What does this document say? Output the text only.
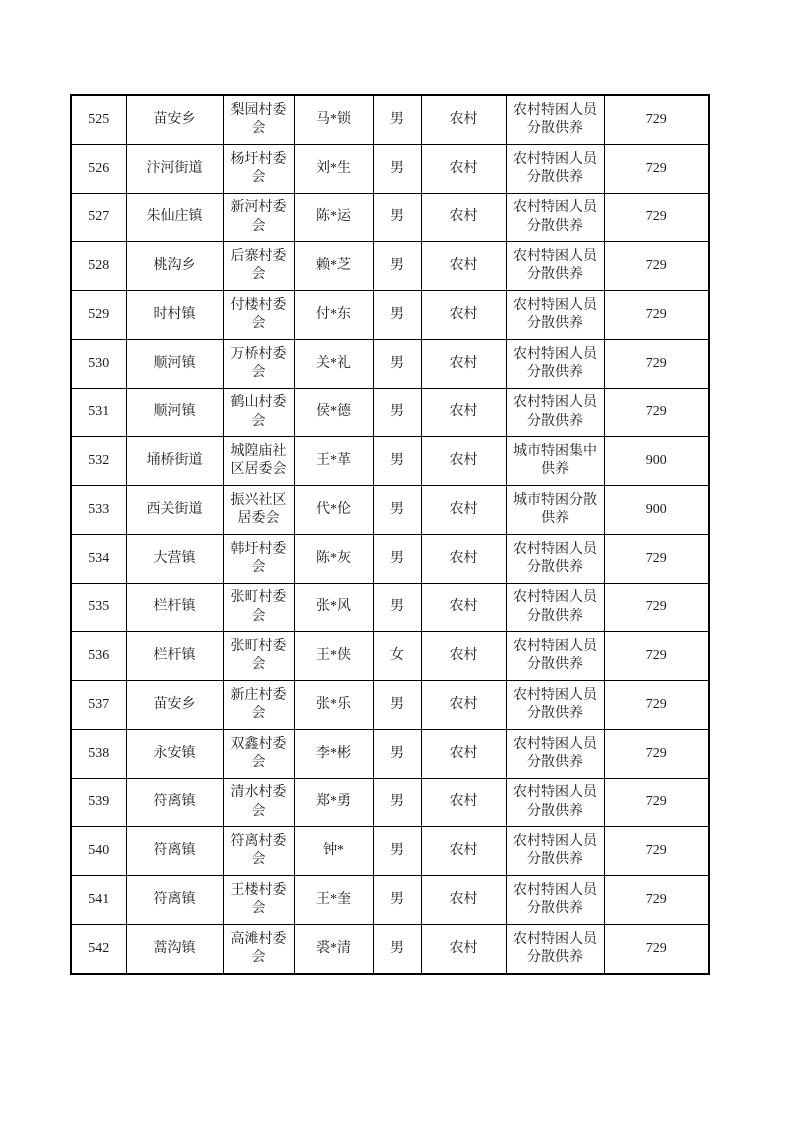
525	苗安乡	梨园村委会	马*锁	男	农村	农村特困人员分散供养	729
526	汴河街道	杨圩村委会	刘*生	男	农村	农村特困人员分散供养	729
527	朱仙庄镇	新河村委会	陈*运	男	农村	农村特困人员分散供养	729
528	桃沟乡	后寨村委会	赖*芝	男	农村	农村特困人员分散供养	729
529	时村镇	付楼村委会	付*东	男	农村	农村特困人员分散供养	729
530	顺河镇	万桥村委会	关*礼	男	农村	农村特困人员分散供养	729
531	顺河镇	鹤山村委会	侯*德	男	农村	农村特困人员分散供养	729
532	埇桥街道	城隍庙社区居委会	王*革	男	农村	城市特困集中供养	900
533	西关街道	振兴社区居委会	代*伦	男	农村	城市特困分散供养	900
534	大营镇	韩圩村委会	陈*灰	男	农村	农村特困人员分散供养	729
535	栏杆镇	张町村委会	张*风	男	农村	农村特困人员分散供养	729
536	栏杆镇	张町村委会	王*侠	女	农村	农村特困人员分散供养	729
537	苗安乡	新庄村委会	张*乐	男	农村	农村特困人员分散供养	729
538	永安镇	双鑫村委会	李*彬	男	农村	农村特困人员分散供养	729
539	符离镇	清水村委会	郑*勇	男	农村	农村特困人员分散供养	729
540	符离镇	符离村委会	钟*	男	农村	农村特困人员分散供养	729
541	符离镇	王楼村委会	王*奎	男	农村	农村特困人员分散供养	729
542	蒿沟镇	高滩村委会	裘*清	男	农村	农村特困人员分散供养	729
